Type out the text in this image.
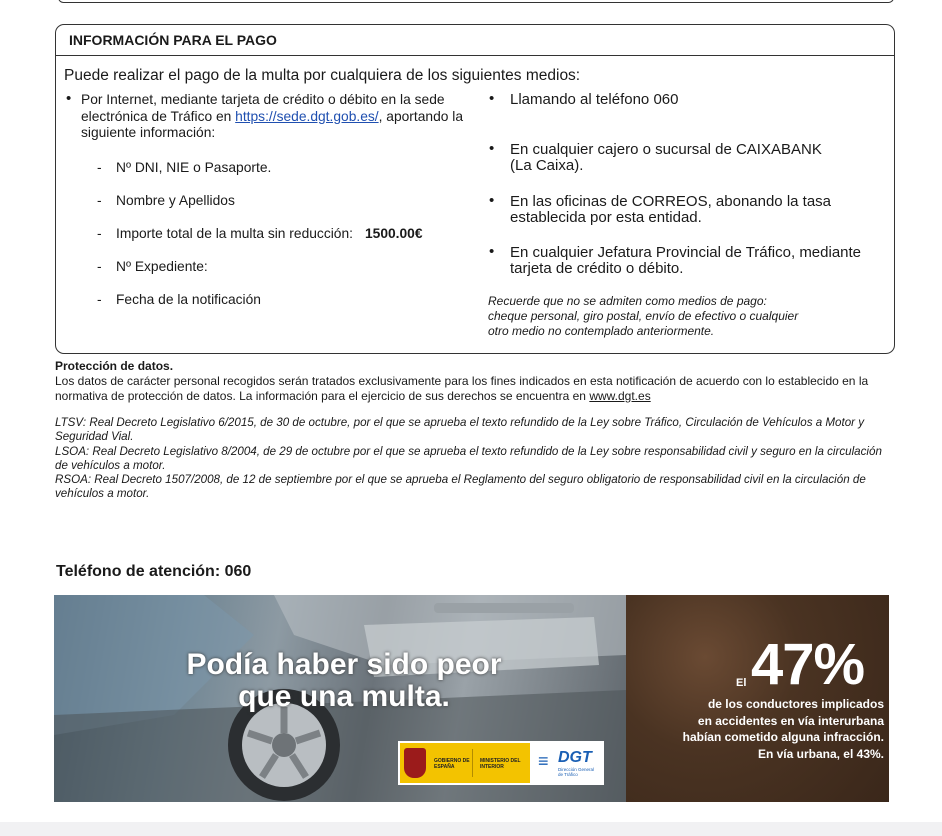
INFORMACIÓN PARA EL PAGO
Puede realizar el pago de la multa por cualquiera de los siguientes medios:
• Por Internet, mediante tarjeta de crédito o débito en la sede electrónica de Tráfico en https://sede.dgt.gob.es/, aportando la siguiente información:
- Nº DNI, NIE o Pasaporte.
- Nombre y Apellidos
- Importe total de la multa sin reducción: 1500.00€
- Nº Expediente:
- Fecha de la notificación
• Llamando al teléfono 060
• En cualquier cajero o sucursal de CAIXABANK (La Caixa).
• En las oficinas de CORREOS, abonando la tasa establecida por esta entidad.
• En cualquier Jefatura Provincial de Tráfico, mediante tarjeta de crédito o débito.
Recuerde que no se admiten como medios de pago: cheque personal, giro postal, envío de efectivo o cualquier otro medio no contemplado anteriormente.
Protección de datos.
Los datos de carácter personal recogidos serán tratados exclusivamente para los fines indicados en esta notificación de acuerdo con lo establecido en la normativa de protección de datos. La información para el ejercicio de sus derechos se encuentra en www.dgt.es

LTSV: Real Decreto Legislativo 6/2015, de 30 de octubre, por el que se aprueba el texto refundido de la Ley sobre Tráfico, Circulación de Vehículos a Motor y Seguridad Vial.

LSOA: Real Decreto Legislativo 8/2004, de 29 de octubre por el que se aprueba el texto refundido de la Ley sobre responsabilidad civil y seguro en la circulación de vehículos a motor.

RSOA: Real Decreto 1507/2008, de 12 de septiembre por el que se aprueba el Reglamento del seguro obligatorio de responsabilidad civil en la circulación de vehículos a motor.

Teléfono de atención: 060
Podía haber sido peor
que una multa.
GOBIERNO DE ESPAÑA
MINISTERIO DEL INTERIOR	≡ DGT
Dirección General de Tráfico
El 47%
de los conductores implicados
en accidentes en vía interurbana
habían cometido alguna infracción.
En vía urbana, el 43%.
